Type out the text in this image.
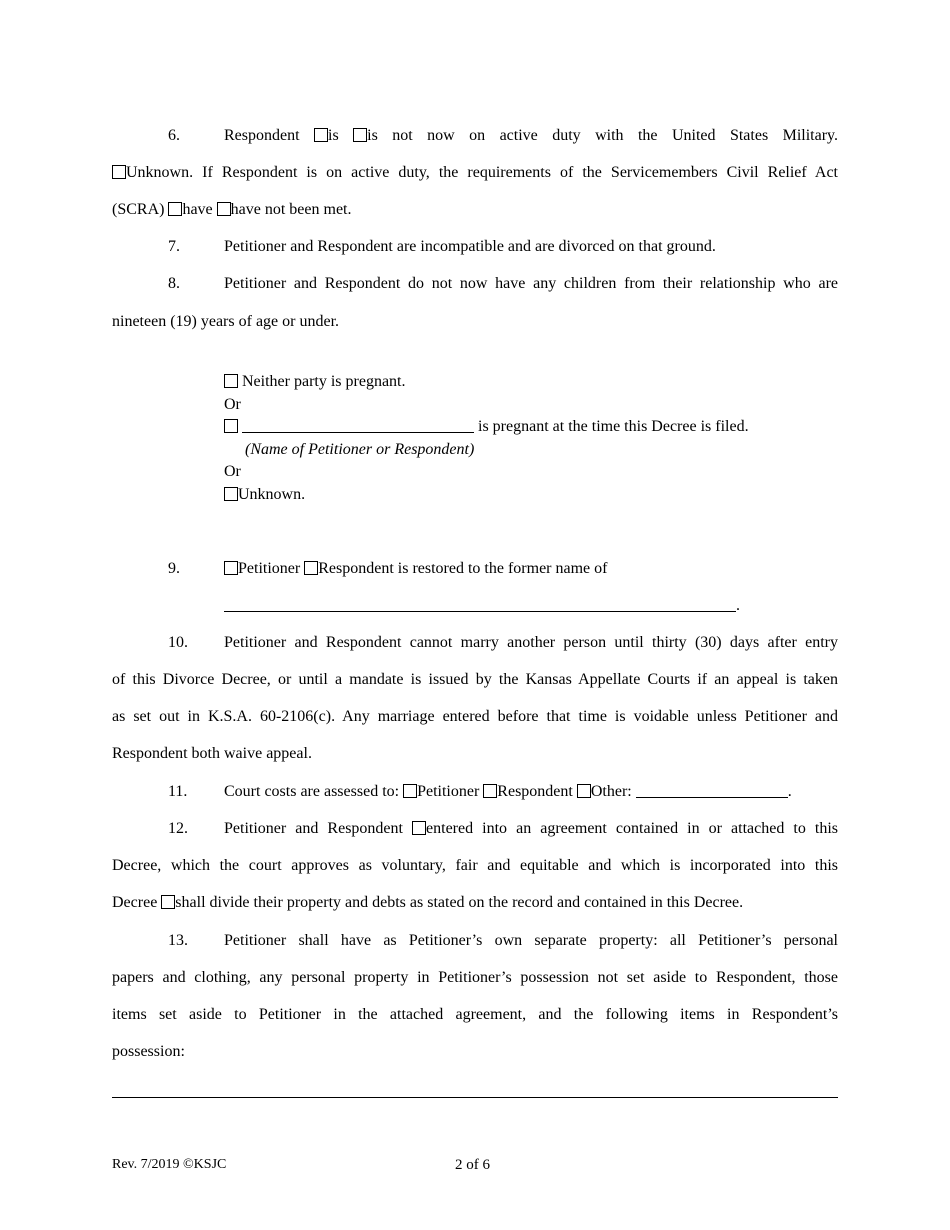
6.	Respondent is is not now on active duty with the United States Military.
Unknown. If Respondent is on active duty, the requirements of the Servicemembers Civil Relief Act
(SCRA) have have not been met.
7.	Petitioner and Respondent are incompatible and are divorced on that ground.
8.	Petitioner and Respondent do not now have any children from their relationship who are
nineteen (19) years of age or under.
Neither party is pregnant.
Or
is pregnant at the time this Decree is filed.
(Name of Petitioner or Respondent)
Or
Unknown.
9.	Petitioner Respondent is restored to the former name of
.
10. Petitioner and Respondent cannot marry another person until thirty (30) days after entry
of this Divorce Decree, or until a mandate is issued by the Kansas Appellate Courts if an appeal is taken
as set out in K.S.A. 60-2106(c). Any marriage entered before that time is voidable unless Petitioner and
Respondent both waive appeal.
11. Court costs are assessed to: Petitioner Respondent Other:	.
12. Petitioner and Respondent entered into an agreement contained in or attached to this
Decree, which the court approves as voluntary, fair and equitable and which is incorporated into this
Decree shall divide their property and debts as stated on the record and contained in this Decree.
13. Petitioner shall have as Petitioner’s own separate property: all Petitioner’s personal
papers and clothing, any personal property in Petitioner’s possession not set aside to Respondent, those
items set aside to Petitioner in the attached agreement, and the following items in Respondent’s
possession:
Rev. 7/2019 ©KSJC	2 of 6
